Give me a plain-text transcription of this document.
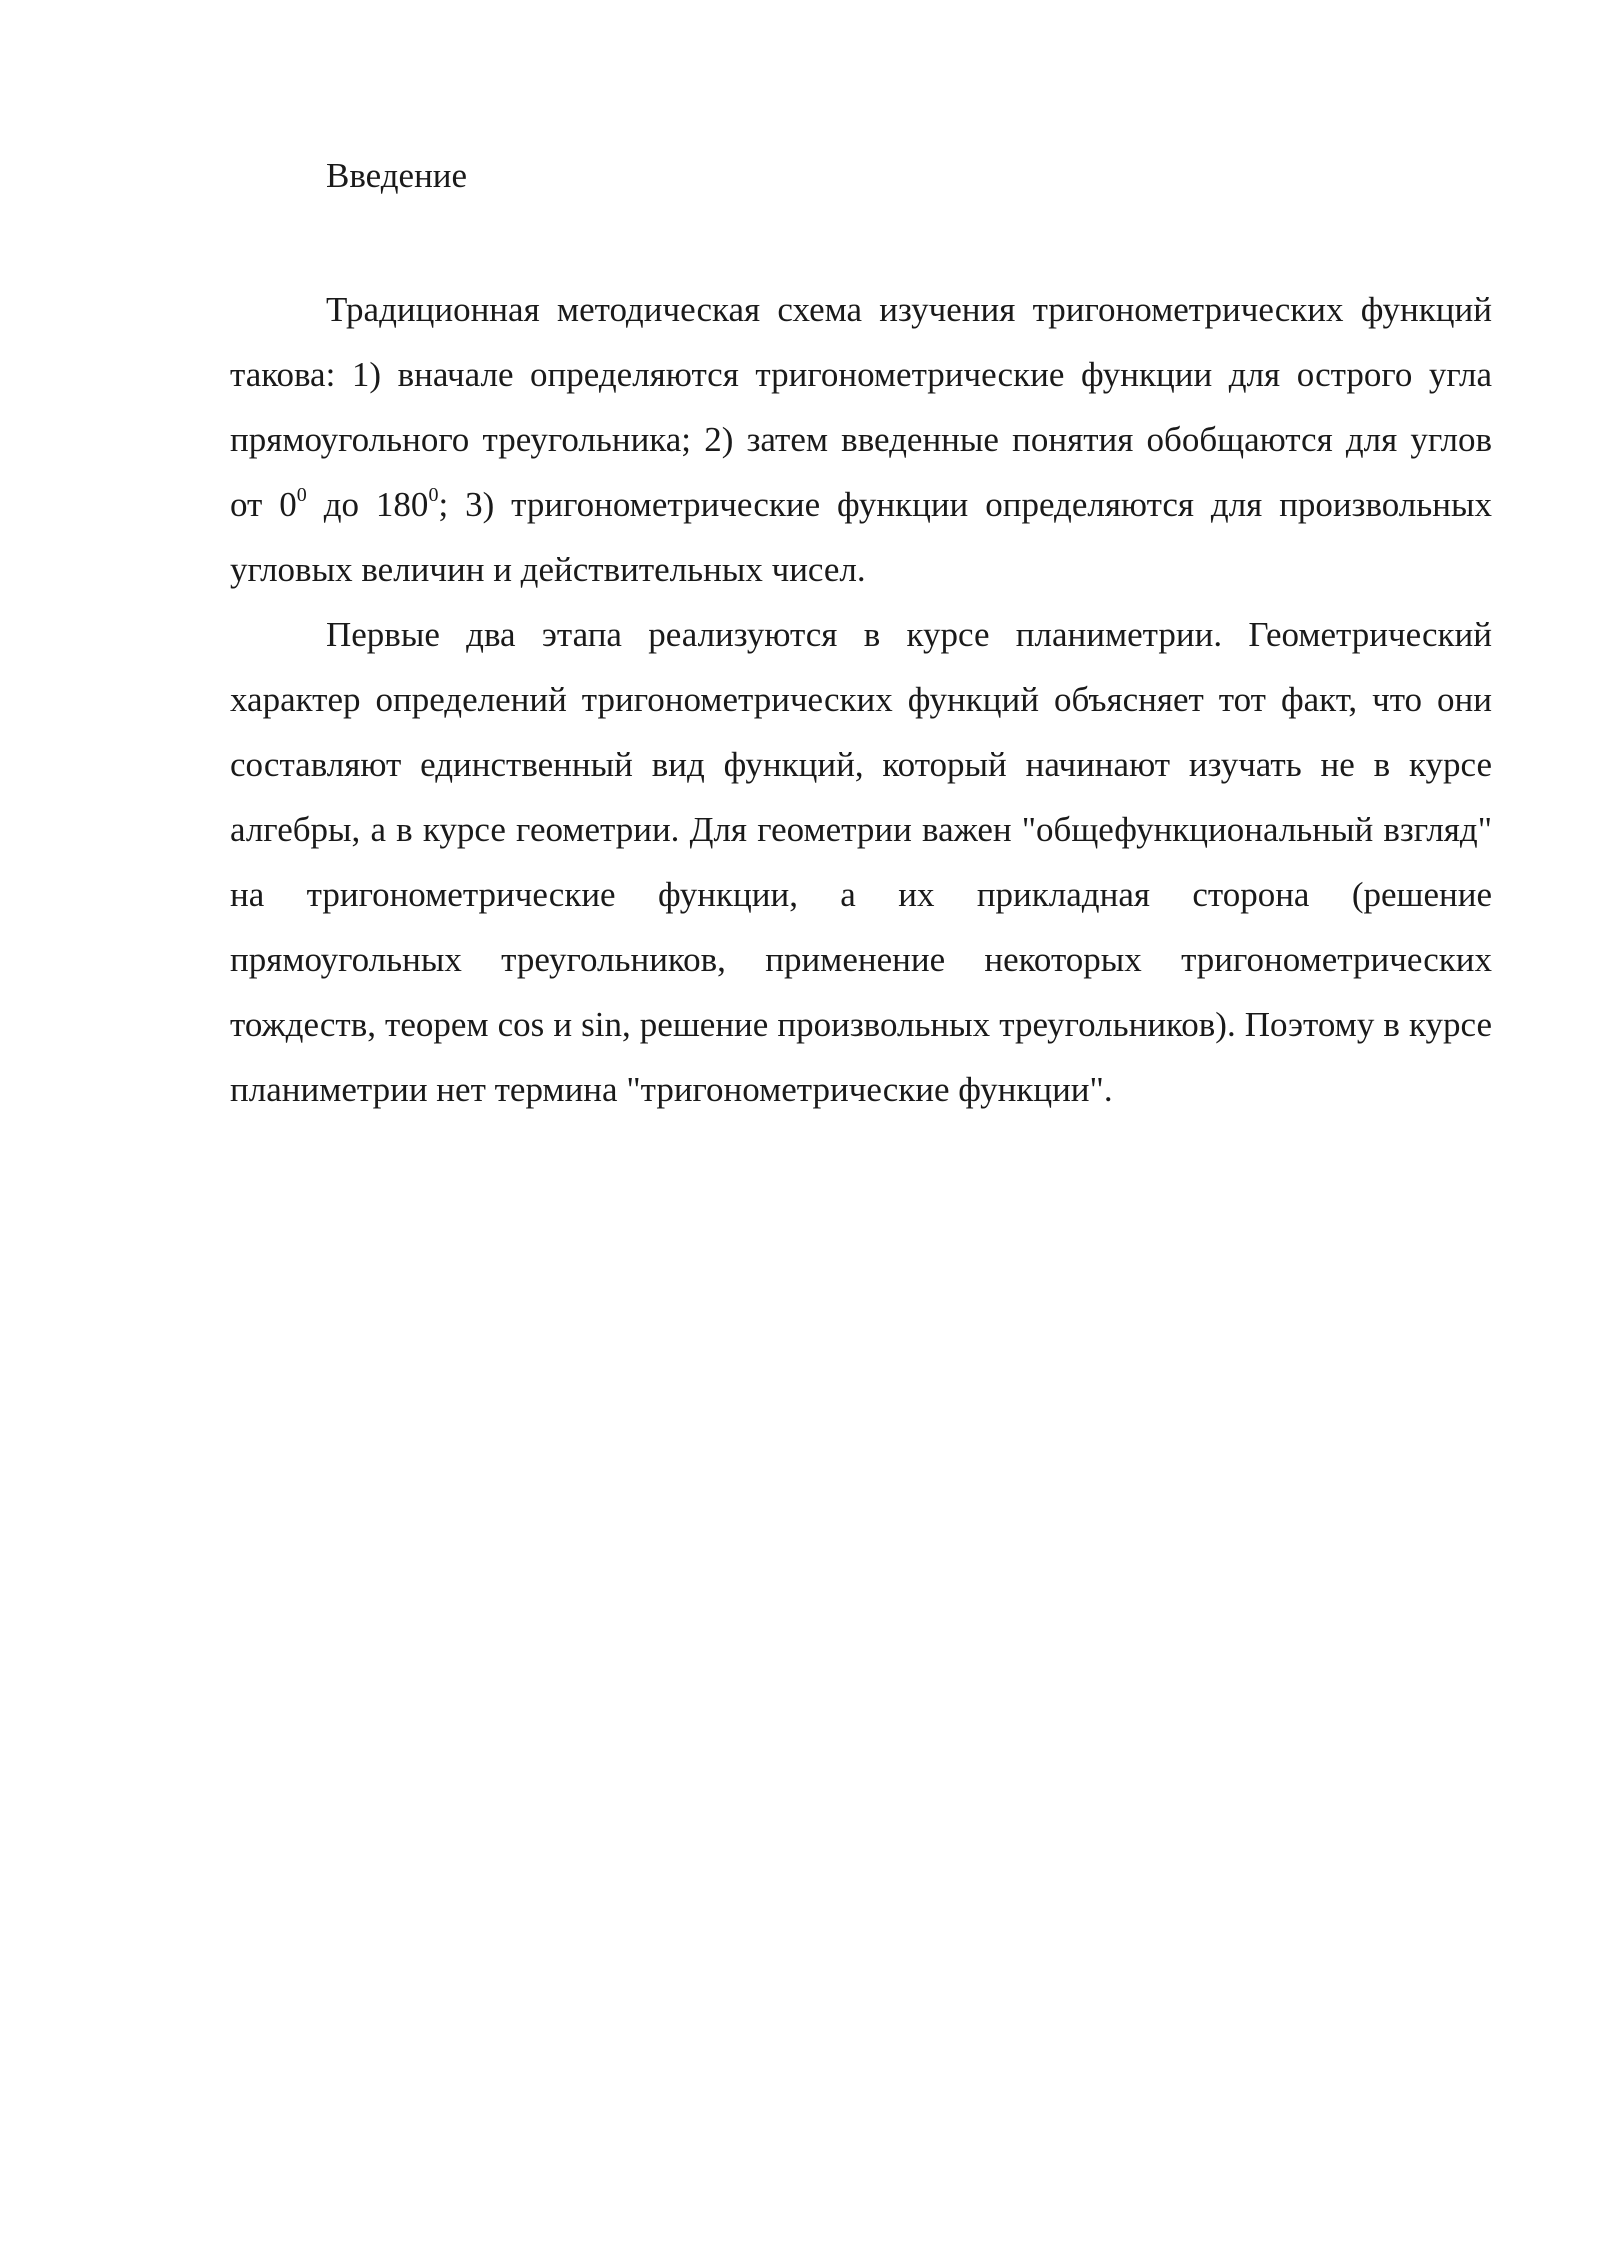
Введение

Традиционная методическая схема изучения тригонометрических функций такова: 1) вначале определяются тригонометрические функции для острого угла прямоугольного треугольника; 2) затем введенные понятия обобщаются для углов от $0^0$ до $180^0$; 3) тригонометрические функции определяются для произвольных угловых величин и действительных чисел.

Первые два этапа реализуются в курсе планиметрии. Геометрический характер определений тригонометрических функций объясняет тот факт, что они составляют единственный вид функций, который начинают изучать не в курсе алгебры, а в курсе геометрии. Для геометрии важен "общефункциональный взгляд" на тригонометрические функции, а их прикладная сторона (решение прямоугольных треугольников, применение некоторых тригонометрических тождеств, теорем cos и sin, решение произвольных треугольников). Поэтому в курсе планиметрии нет термина "тригонометрические функции".
